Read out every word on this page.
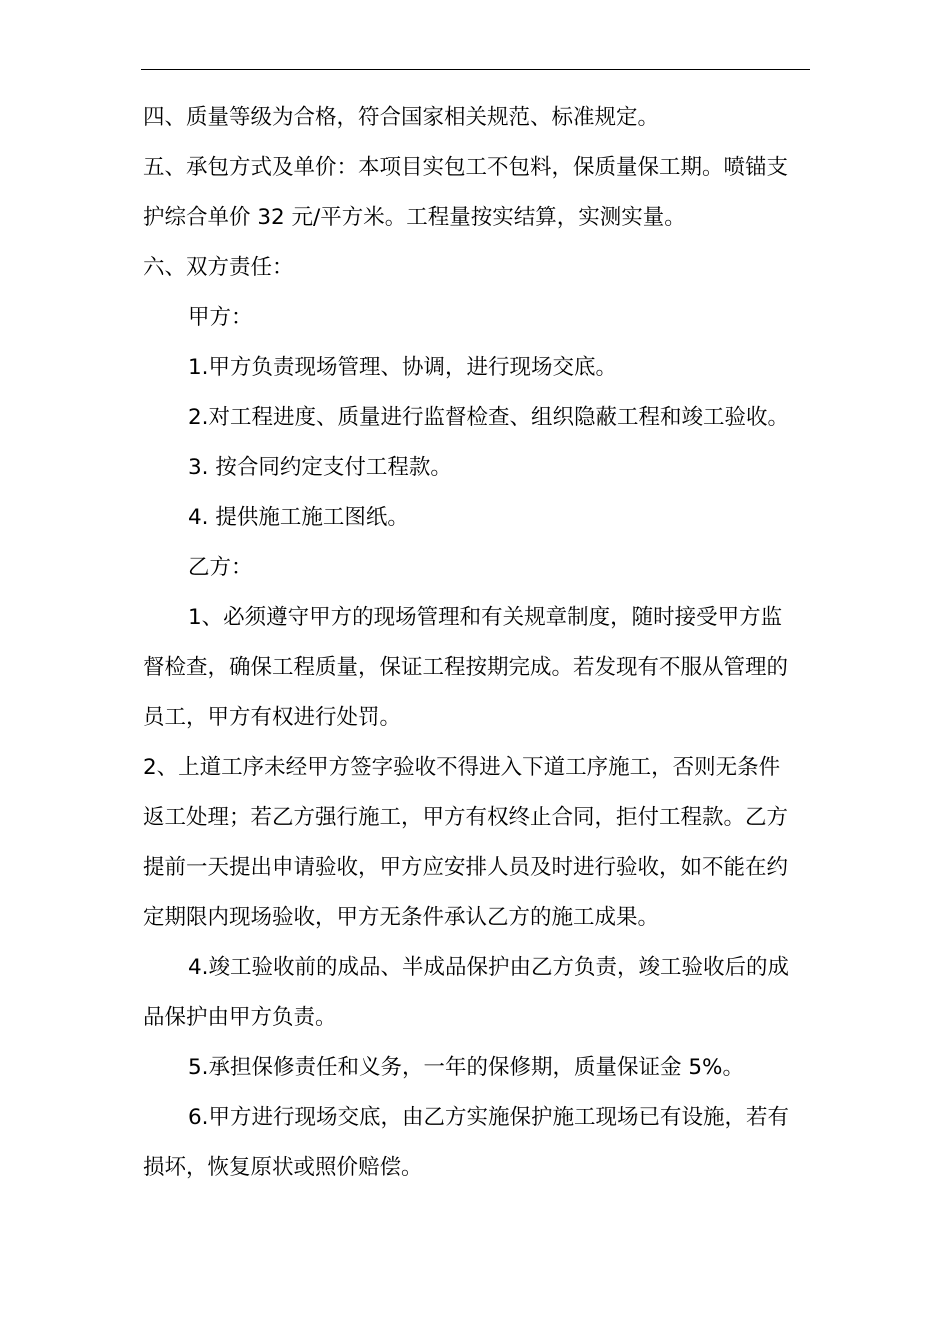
四、质量等级为合格，符合国家相关规范、标准规定。
五、承包方式及单价：本项目实包工不包料，保质量保工期。喷锚支
护综合单价 32 元/平方米。工程量按实结算，实测实量。
六、双方责任：
甲方：
1.甲方负责现场管理、协调，进行现场交底。
2.对工程进度、质量进行监督检查、组织隐蔽工程和竣工验收。
3. 按合同约定支付工程款。
4. 提供施工施工图纸。
乙方：
1、必须遵守甲方的现场管理和有关规章制度，随时接受甲方监
督检查，确保工程质量，保证工程按期完成。若发现有不服从管理的
员工，甲方有权进行处罚。
2、上道工序未经甲方签字验收不得进入下道工序施工，否则无条件
返工处理；若乙方强行施工，甲方有权终止合同，拒付工程款。乙方
提前一天提出申请验收，甲方应安排人员及时进行验收，如不能在约
定期限内现场验收，甲方无条件承认乙方的施工成果。
4.竣工验收前的成品、半成品保护由乙方负责，竣工验收后的成
品保护由甲方负责。
5.承担保修责任和义务，一年的保修期，质量保证金 5%。
6.甲方进行现场交底，由乙方实施保护施工现场已有设施，若有
损坏，恢复原状或照价赔偿。
